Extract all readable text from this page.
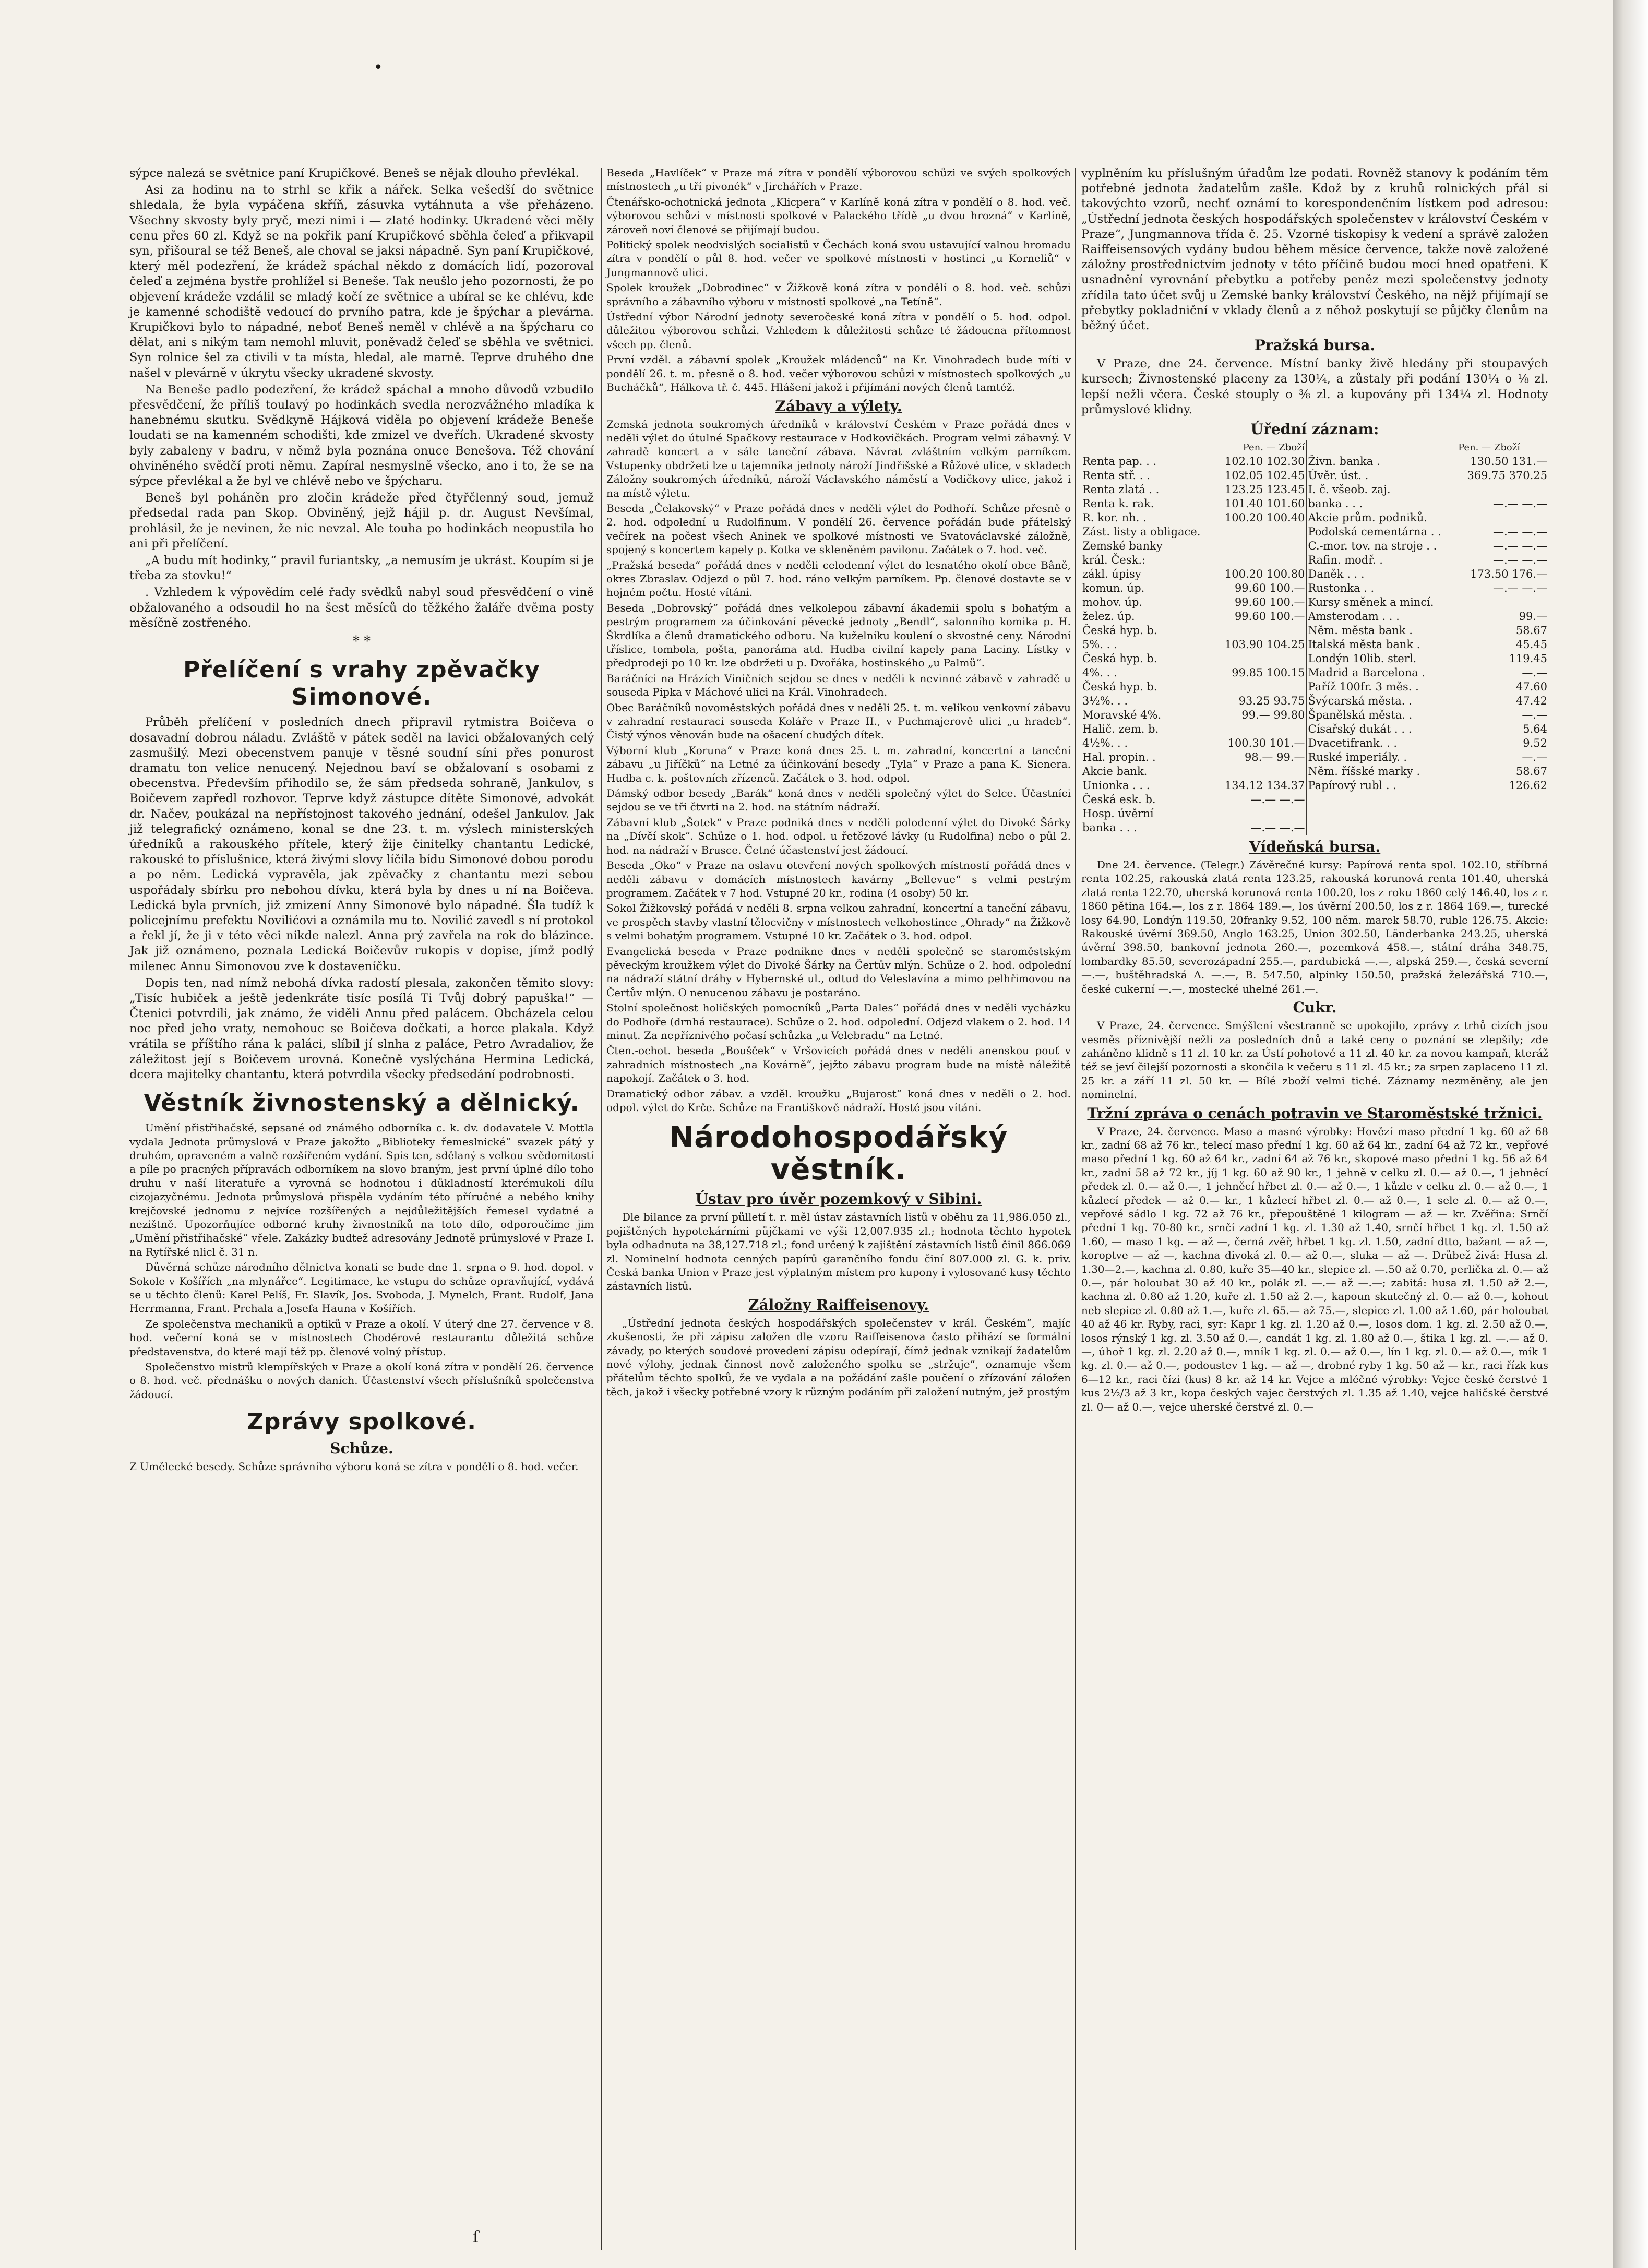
•
ſ

sýpce nalezá se světnice paní Krupičkové. Beneš se nějak dlouho převlékal.

Asi za hodinu na to strhl se křik a nářek. Selka vešedší do světnice shledala, že byla vypáčena skříň, zásuvka vytáhnuta a vše přeházeno. Všechny skvosty byly pryč, mezi nimi i — zlaté hodinky. Ukradené věci měly cenu přes 60 zl. Když se na pokřik paní Krupičkové sběhla čeleď a přikvapil syn, přišoural se též Beneš, ale choval se jaksi nápadně. Syn paní Krupičkové, který měl podezření, že krádež spáchal někdo z domácích lidí, pozoroval čeleď a zejména bystře prohlížel si Beneše. Tak neušlo jeho pozornosti, že po objevení krádeže vzdálil se mladý kočí ze světnice a ubíral se ke chlévu, kde je kamenné schodiště vedoucí do prvního patra, kde je špýchar a plevárna. Krupičkovi bylo to nápadné, neboť Beneš neměl v chlévě a na špýcharu co dělat, ani s nikým tam nemohl mluvit, poněvadž čeleď se sběhla ve světnici. Syn rolnice šel za ctivili v ta místa, hledal, ale marně. Teprve druhého dne našel v plevárně v úkrytu všecky ukradené skvosty.

Na Beneše padlo podezření, že krádež spáchal a mnoho důvodů vzbudilo přesvědčení, že příliš toulavý po hodinkách svedla nerozvážného mladíka k hanebnému skutku. Svědkyně Hájková viděla po objevení krádeže Beneše loudati se na kamenném schodišti, kde zmizel ve dveřích. Ukradené skvosty byly zabaleny v badru, v němž byla poznána onuce Benešova. Též chování ohviněného svědčí proti němu. Zapíral nesmyslně všecko, ano i to, že se na sýpce převlékal a že byl ve chlévě nebo ve špýcharu.

Beneš byl poháněn pro zločin krádeže před čtyřčlenný soud, jemuž předsedal rada pan Skop. Obviněný, jejž hájil p. dr. August Nevšímal, prohlásil, že je nevinen, že nic nevzal. Ale touha po hodinkách neopustila ho ani při přelíčení.

„A budu mít hodinky,“ pravil furiantsky, „a nemusím je ukrást. Koupím si je třeba za stovku!“

. Vzhledem k výpovědím celé řady svědků nabyl soud přesvědčení o vině obžalovaného a odsoudil ho na šest měsíců do těžkého žaláře dvěma posty měsíčně zostřeného.

* *
Přelíčení s vrahy zpěvačky Simonové.

Průběh přelíčení v posledních dnech připravil rytmistra Boičeva o dosavadní dobrou náladu. Zvláště v pátek seděl na lavici obžalovaných celý zasmušilý. Mezi obecenstvem panuje v těsné soudní síni přes ponurost dramatu ton velice nenucený. Nejednou baví se obžalovaní s osobami z obecenstva. Především přihodilo se, že sám předseda sohraně, Jankulov, s Boičevem zapředl rozhovor. Teprve když zástupce dítěte Simonové, advokát dr. Načev, poukázal na nepřístojnost takového jednání, odešel Jankulov. Jak již telegrafický oznámeno, konal se dne 23. t. m. výslech ministerských úředníků a rakouského přítele, který žije činitelky chantantu Ledické, rakouské to příslušnice, která živými slovy líčila bídu Simonové dobou porodu a po něm. Ledická vypravěla, jak zpěvačky z chantantu mezi sebou uspořádaly sbírku pro nebohou dívku, která byla by dnes u ní na Boičeva. Ledická byla prvních, již zmizení Anny Simonové bylo nápadné. Šla tudíž k policejnímu prefektu Novilićovi a oznámila mu to. Novilić zavedl s ní protokol a řekl jí, že ji v této věci nikde nalezl. Anna prý zavřela na rok do blázince. Jak již oznámeno, poznala Ledická Boičevův rukopis v dopise, jímž podlý milenec Annu Simonovou zve k dostaveníčku.

Dopis ten, nad nímž nebohá dívka radostí plesala, zakončen těmito slovy: „Tisíc hubiček a ještě jedenkráte tisíc posílá Ti Tvůj dobrý papuška!“ — Čtenici potvrdili, jak známo, že viděli Annu před palácem. Obcházela celou noc před jeho vraty, nemohouc se Boičeva dočkati, a horce plakala. Když vrátila se příštího rána k paláci, slíbil jí slnha z paláce, Petro Avradaliov, že záležitost její s Boičevem urovná. Konečně vyslýchána Hermina Ledická, dcera majitelky chantantu, která potvrdila všecky předsedání podrobnosti.

Věstník živnostenský a dělnický.

Umění přistřihačské, sepsané od známého odborníka c. k. dv. dodavatele V. Mottla vydala Jednota průmyslová v Praze jakožto „Biblioteky řemeslnické“ svazek pátý y druhém, opraveném a valně rozšířeném vydání. Spis ten, sdělaný s velkou svědomitostí a píle po pracných přípravách odborníkem na slovo braným, jest první úplné dílo toho druhu v naší literatuře a vyrovná se hodnotou i důkladností kterémukoli dílu cizojazyčnému. Jednota průmyslová přispěla vydáním této příručné a nebého knihy krejčovské jednomu z nejvíce rozšířených a nejdůležitějších řemesel vydatné a nezištně. Upozorňujíce odborné kruhy živnostníků na toto dílo, odporoučíme jim „Umění přistřihačské“ vřele. Zakázky budtež adresovány Jednotě průmyslové v Praze I. na Rytířské nlicl č. 31 n.

Důvěrná schůze národního dělnictva konati se bude dne 1. srpna o 9. hod. dopol. v Sokole v Košířích „na mlynářce“. Legitimace, ke vstupu do schůze opravňující, vydává se u těchto členů: Karel Pelíš, Fr. Slavík, Jos. Svoboda, J. Mynelch, Frant. Rudolf, Jana Herrmanna, Frant. Prchala a Josefa Hauna v Košířích.

Ze společenstva mechaniků a optiků v Praze a okolí. V úterý dne 27. července v 8. hod. večerní koná se v místnostech Chodérové restaurantu důležitá schůze představenstva, do které mají též pp. členové volný přístup.

Společenstvo mistrů klempířských v Praze a okolí koná zítra v pondělí 26. července o 8. hod. več. přednášku o nových daních. Účastenství všech příslušníků společenstva žádoucí.

Zprávy spolkové.
Schůze.

Z Umělecké besedy. Schůze správního výboru koná se zítra v pondělí o 8. hod. večer.

Beseda „Havlíček“ v Praze má zítra v pondělí výborovou schůzi ve svých spolkových místnostech „u tří pivonék“ v Jirchářích v Praze.

Čtenářsko-ochotnická jednota „Klicpera“ v Karlíně koná zítra v pondělí o 8. hod. več. výborovou schůzi v místnosti spolkové v Palackého třídě „u dvou hrozná“ v Karlíně, zároveň noví členové se přijímají budou.

Politický spolek neodvislých socialistů v Čechách koná svou ustavující valnou hromadu zítra v pondělí o půl 8. hod. večer ve spolkové místnosti v hostinci „u Korneliů“ v Jungmannově ulici.

Spolek kroužek „Dobrodinec“ v Žižkově koná zítra v pondělí o 8. hod. več. schůzi správního a zábavního výboru v místnosti spolkové „na Tetíně“.

Ústřední výbor Národní jednoty severočeské koná zítra v pondělí o 5. hod. odpol. důležitou výborovou schůzi. Vzhledem k důležitosti schůze té žádoucna přítomnost všech pp. členů.

První vzděl. a zábavní spolek „Kroužek mládenců“ na Kr. Vinohradech bude míti v pondělí 26. t. m. přesně o 8. hod. večer výborovou schůzi v místnostech spolkových „u Bucháčků“, Hálkova tř. č. 445. Hlášení jakož i přijímání nových členů tamtéž.

Zábavy a výlety.

Zemská jednota soukromých úředníků v království Českém v Praze pořádá dnes v neděli výlet do útulné Spačkovy restaurace v Hodkovičkách. Program velmi zábavný. V zahradě koncert a v sále taneční zábava. Návrat zvláštním velkým parníkem. Vstupenky obdržeti lze u tajemníka jednoty nároží Jindřišské a Růžové ulice, v skladech Záložny soukromých úředníků, nároží Václavského náměstí a Vodičkovy ulice, jakož i na místě výletu.

Beseda „Čelakovský“ v Praze pořádá dnes v neděli výlet do Podhoří. Schůze přesně o 2. hod. odpolední u Rudolfinum. V pondělí 26. července pořádán bude přátelský večírek na počest všech Aninek ve spolkové místnosti ve Svatováclavské záložně, spojený s koncertem kapely p. Kotka ve skleněném pavilonu. Začátek o 7. hod. več.

„Pražská beseda“ pořádá dnes v neděli celodenní výlet do lesnatého okolí obce Bâně, okres Zbraslav. Odjezd o půl 7. hod. ráno velkým parníkem. Pp. členové dostavte se v hojném počtu. Hosté vítáni.

Beseda „Dobrovský“ pořádá dnes velkolepou zábavní ákademii spolu s bohatým a pestrým programem za účinkování pěvecké jednoty „Bendl“, salonního komika p. H. Škrdlíka a členů dramatického odboru. Na kuželníku koulení o skvostné ceny. Národní tříslice, tombola, pošta, panoráma atd. Hudba civilní kapely pana Laciny. Lístky v předprodeji po 10 kr. lze obdržeti u p. Dvořáka, hostinského „u Palmů“.

Baráčníci na Hrázích Viničních sejdou se dnes v neděli k nevinné zábavě v zahradě u souseda Pipka v Máchové ulici na Král. Vinohradech.

Obec Baráčníků novoměstských pořádá dnes v neděli 25. t. m. velikou venkovní zábavu v zahradní restauraci souseda Koláře v Praze II., v Puchmajerově ulici „u hradeb“. Čistý výnos věnován bude na ošacení chudých dítek.

Výborní klub „Koruna“ v Praze koná dnes 25. t. m. zahradní, koncertní a taneční zábavu „u Jiříčků“ na Letné za účinkování besedy „Tyla“ v Praze a pana K. Sienera. Hudba c. k. poštovních zřízenců. Začátek o 3. hod. odpol.

Dámský odbor besedy „Barák“ koná dnes v neděli společný výlet do Selce. Účastníci sejdou se ve tři čtvrti na 2. hod. na státním nádraží.

Zábavní klub „Šotek“ v Praze podniká dnes v neděli polodenní výlet do Divoké Šárky na „Dívčí skok“. Schůze o 1. hod. odpol. u řetězové lávky (u Rudolfina) nebo o půl 2. hod. na nádraží v Brusce. Četné účastenství jest žádoucí.

Beseda „Oko“ v Praze na oslavu otevření nových spolkových místností pořádá dnes v neděli zábavu v domácích místnostech kavárny „Bellevue“ s velmi pestrým programem. Začátek v 7 hod. Vstupné 20 kr., rodina (4 osoby) 50 kr.

Sokol Žižkovský pořádá v neděli 8. srpna velkou zahradní, koncertní a taneční zábavu, ve prospěch stavby vlastní tělocvičny v místnostech velkohostince „Ohrady“ na Žižkově s velmi bohatým programem. Vstupné 10 kr. Začátek o 3. hod. odpol.

Evangelická beseda v Praze podnikne dnes v neděli společně se staroměstským pěveckým kroužkem výlet do Divoké Šárky na Čertův mlýn. Schůze o 2. hod. odpolední na nádraží státní dráhy v Hybernské ul., odtud do Veleslavína a mimo pelhřimovou na Čertův mlýn. O nenucenou zábavu je postaráno.

Stolní společnost holičských pomocníků „Parta Dales“ pořádá dnes v neděli vycházku do Podhoře (drnhá restaurace). Schůze o 2. hod. odpolední. Odjezd vlakem o 2. hod. 14 minut. Za nepříznivého počasí schůzka „u Velebradu“ na Letné.

Čten.-ochot. beseda „Boušček“ v Vršovicích pořádá dnes v neděli anenskou pouť v zahradních místnostech „na Kovárně“, jejžto zábavu program bude na místě náležitě napokojí. Začátek o 3. hod.

Dramatický odbor zábav. a vzděl. kroužku „Bujarost“ koná dnes v neděli o 2. hod. odpol. výlet do Krče. Schůze na Františkově nádraží. Hosté jsou vítáni.

Národohospodářský věstník.
Ústav pro úvěr pozemkový v Sibini.

Dle bilance za první půlletí t. r. měl ústav zástavních listů v oběhu za 11,986.050 zl., pojištěných hypotekárními půjčkami ve výši 12,007.935 zl.; hodnota těchto hypotek byla odhadnuta na 38,127.718 zl.; fond určený k zajištění zástavních listů činil 866.069 zl. Nominelní hodnota cenných papírů garančního fondu činí 807.000 zl. G. k. priv. Česká banka Union v Praze jest výplatným místem pro kupony i vylosované kusy těchto zástavních listů.

Záložny Raiffeisenovy.

„Ústřední jednota českých hospodářských společenstev v král. Českém“, majíc zkušenosti, že při zápisu založen dle vzoru Raiffeisenova často přihází se formální závady, po kterých soudové provedení zápisu odepírají, čímž jednak vznikají žadatelům nové výlohy, jednak činnost nově založeného spolku se „stržuje“, oznamuje všem přátelům těchto spolků, že ve vydala a na požádání zašle poučení o zřízování záložen těch, jakož i všecky potřebné vzory k různým podáním při založení nutným, jež prostým

vyplněním ku příslušným úřadům lze podati. Rovněž stanovy k podáním těm potřebné jednota žadatelům zašle. Kdož by z kruhů rolnických přál si takovýchto vzorů, nechť oznámí to korespondenčním lístkem pod adresou: „Ústřední jednota českých hospodářských společenstev v království Českém v Praze“, Jungmannova třída č. 25. Vzorné tiskopisy k vedení a správě založen Raiffeisensových vydány budou během měsíce července, takže nově založené záložny prostřednictvím jednoty v této příčině budou mocí hned opatřeni. K usnadnění vyrovnání přebytku a potřeby peněz mezi společenstvy jednoty zřídila tato účet svůj u Zemské banky království Českého, na nějž přijímají se přebytky pokladniční v vklady členů a z něhož poskytují se půjčky členům na běžný účet.

Pražská bursa.

V Praze, dne 24. července. Místní banky živě hledány při stoupavých kursech; Živnostenské placeny za 130¼, a zůstaly při podání 130¼ o ⅛ zl. lepší nežli včera. České stouply o ⅜ zl. a kupovány při 134¼ zl. Hodnoty průmyslové klidny.

Úřední záznam:
	Pen. — Zboží		Pen. — Zboží
Renta pap. . .	102.10 102.30	Živn. banka .	130.50 131.—
Renta stř. . .	102.05 102.45	Úvěr. úst. .	369.75 370.25
Renta zlatá . .	123.25 123.45	I. č. všeob. zaj.	
Renta k. rak.	101.40 101.60	banka . . .	—.— —.—
R. kor. nh. .	100.20 100.40	Akcie prům. podniků.	
Zást. listy a obligace.		Podolská cementárna . .	—.— —.—
Zemské banky		C.-mor. tov. na stroje . .	—.— —.—
král. Česk.:		Rafin. modř. .	—.— —.—
zákl. úpisy	100.20 100.80	Daněk . . .	173.50 176.—
komun. úp.	99.60 100.—	Rustonka . .	—.— —.—
mohov. úp.	99.60 100.—	Kursy směnek a mincí.	
želez. úp.	99.60 100.—	Amsterodam . . .	99.—
Česká hyp. b.		Něm. města bank .	58.67
5%. . .	103.90 104.25	Italská města bank .	45.45
Česká hyp. b.		Londýn 10lib. sterl.	119.45
4%. . .	99.85 100.15	Madrid a Barcelona .	—.—
Česká hyp. b.		Paříž 100fr. 3 měs. .	47.60
3½%. . .	93.25 93.75	Švýcarská města. .	47.42
Moravské 4%.	99.— 99.80	Španělská města. .	—.—
Halič. zem. b.		Císařský dukát . . .	5.64
4½%. . .	100.30 101.—	Dvacetifrank. . .	9.52
Hal. propin. .	98.— 99.—	Ruské imperiály. .	—.—
Akcie bank.		Něm. říšské marky .	58.67
Unionka . . .	134.12 134.37	Papírový rubl . .	126.62
Česká esk. b.	—.— —.—		
Hosp. úvěrní			
banka . . .	—.— —.—		
Vídeňská bursa.

Dne 24. července. (Telegr.) Závěrečné kursy: Papírová renta spol. 102.10, stříbrná renta 102.25, rakouská zlatá renta 123.25, rakouská korunová renta 101.40, uherská zlatá renta 122.70, uherská korunová renta 100.20, los z roku 1860 celý 146.40, los z r. 1860 pětina 164.—, los z r. 1864 189.—, los úvěrní 200.50, los z r. 1864 169.—, turecké losy 64.90, Londýn 119.50, 20franky 9.52, 100 něm. marek 58.70, ruble 126.75. Akcie: Rakouské úvěrní 369.50, Anglo 163.25, Union 302.50, Länderbanka 243.25, uherská úvěrní 398.50, bankovní jednota 260.—, pozemková 458.—, státní dráha 348.75, lombardky 85.50, severozápadní 255.—, pardubická —.—, alpská 259.—, česká severní —.—, buštěhradská A. —.—, B. 547.50, alpinky 150.50, pražská železářská 710.—, české cukerní —.—, mostecké uhelné 261.—.

Cukr.

V Praze, 24. července. Smýšlení všestranně se upokojilo, zprávy z trhů cizích jsou vesměs příznivější nežli za posledních dnů a také ceny o poznání se zlepšily; zde zaháněno klidně s 11 zl. 10 kr. za Ústí pohotové a 11 zl. 40 kr. za novou kampaň, kteráž též se jeví čilejší pozornosti a skončila k večeru s 11 zl. 45 kr.; za srpen zaplaceno 11 zl. 25 kr. a září 11 zl. 50 kr. — Bílé zboží velmi tiché. Záznamy nezměněny, ale jen nominelní.

Tržní zpráva o cenách potravin ve Staroměstské tržnici.

V Praze, 24. července. Maso a masné výrobky: Hovězí maso přední 1 kg. 60 až 68 kr., zadní 68 až 76 kr., telecí maso přední 1 kg. 60 až 64 kr., zadní 64 až 72 kr., vepřové maso přední 1 kg. 60 až 64 kr., zadní 64 až 76 kr., skopové maso přední 1 kg. 56 až 64 kr., zadní 58 až 72 kr., jíj 1 kg. 60 až 90 kr., 1 jehně v celku zl. 0.— až 0.—, 1 jehněcí předek zl. 0.— až 0.—, 1 jehněcí hřbet zl. 0.— až 0.—, 1 kůzle v celku zl. 0.— až 0.—, 1 kůzlecí předek — až 0.— kr., 1 kůzlecí hřbet zl. 0.— až 0.—, 1 sele zl. 0.— až 0.—, vepřové sádlo 1 kg. 72 až 76 kr., přepouštěné 1 kilogram — až — kr. Zvěřina: Srnčí přední 1 kg. 70-80 kr., srnčí zadní 1 kg. zl. 1.30 až 1.40, srnčí hřbet 1 kg. zl. 1.50 až 1.60, — maso 1 kg. — až —, černá zvěř, hřbet 1 kg. zl. 1.50, zadní dtto, bažant — až —, koroptve — až —, kachna divoká zl. 0.— až 0.—, sluka — až —. Drůbež živá: Husa zl. 1.30—2.—, kachna zl. 0.80, kuře 35—40 kr., slepice zl. —.50 až 0.70, perlička zl. 0.— až 0.—, pár holoubat 30 až 40 kr., polák zl. —.— až —.—; zabitá: husa zl. 1.50 až 2.—, kachna zl. 0.80 až 1.20, kuře zl. 1.50 až 2.—, kapoun skutečný zl. 0.— až 0.—, kohout neb slepice zl. 0.80 až 1.—, kuře zl. 65.— až 75.—, slepice zl. 1.00 až 1.60, pár holoubat 40 až 46 kr. Ryby, raci, syr: Kapr 1 kg. zl. 1.20 až 0.—, losos dom. 1 kg. zl. 2.50 až 0.—, losos rýnský 1 kg. zl. 3.50 až 0.—, candát 1 kg. zl. 1.80 až 0.—, štika 1 kg. zl. —.— až 0.—, úhoř 1 kg. zl. 2.20 až 0.—, mník 1 kg. zl. 0.— až 0.—, lín 1 kg. zl. 0.— až 0.—, mík 1 kg. zl. 0.— až 0.—, podoustev 1 kg. — až —, drobné ryby 1 kg. 50 až — kr., raci řízk kus 6—12 kr., raci čízi (kus) 8 kr. až 14 kr. Vejce a mléčné výrobky: Vejce české čerstvé 1 kus 2½/3 až 3 kr., kopa českých vajec čerstvých zl. 1.35 až 1.40, vejce haličské čerstvé zl. 0— až 0.—, vejce uherské čerstvé zl. 0.—
